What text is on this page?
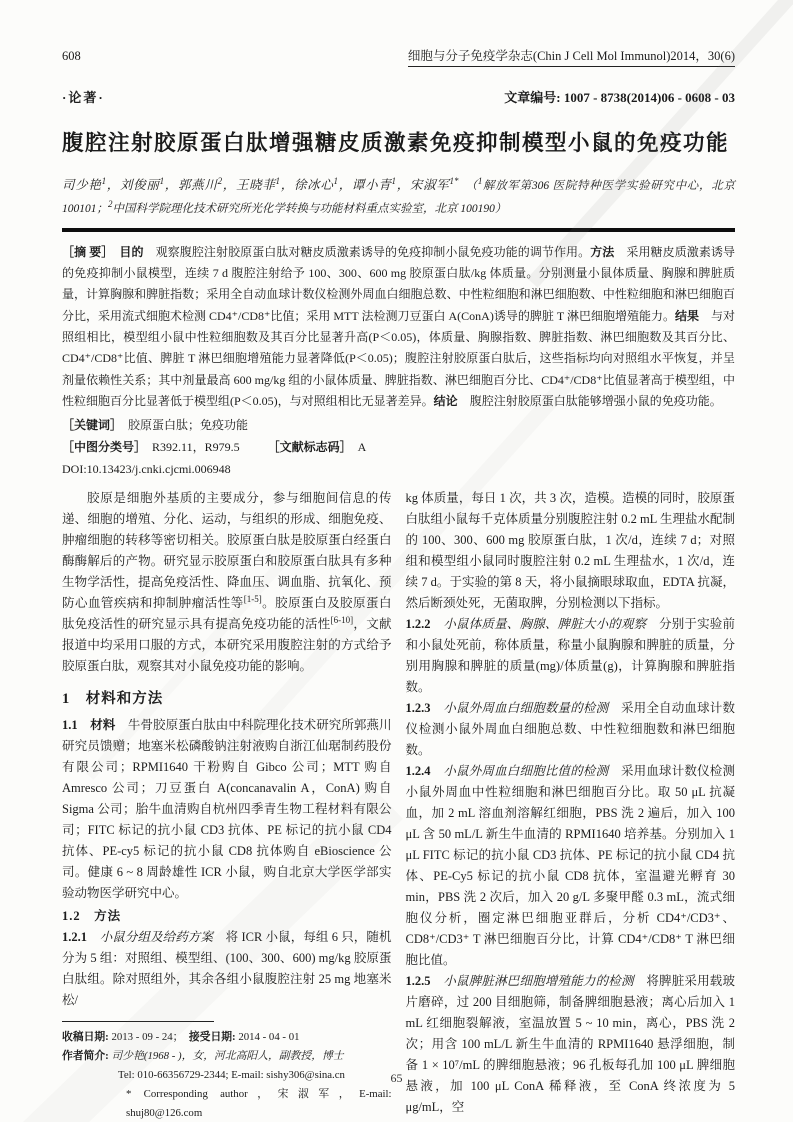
608	细胞与分子免疫学杂志(Chin J Cell Mol Immunol)2014，30(6)
·论著·	文章编号: 1007 - 8738(2014)06 - 0608 - 03
腹腔注射胶原蛋白肽增强糖皮质激素免疫抑制模型小鼠的免疫功能

司少艳$^1$，刘俊丽$^1$，郭燕川$^2$，王晓菲$^1$，徐冰心$^1$，谭小青$^1$，宋淑军$^{1*}$　（$^1$解放军第306 医院特种医学实验研究中心，北京 100101；$^2$中国科学院理化技术研究所光化学转换与功能材料重点实验室，北京 100190）

［摘 要］　目的　观察腹腔注射胶原蛋白肽对糖皮质激素诱导的免疫抑制小鼠免疫功能的调节作用。方法　采用糖皮质激素诱导的免疫抑制小鼠模型，连续 7 d 腹腔注射给予 100、300、600 mg 胶原蛋白肽/kg 体质量。分别测量小鼠体质量、胸腺和脾脏质量，计算胸腺和脾脏指数；采用全自动血球计数仪检测外周血白细胞总数、中性粒细胞和淋巴细胞数、中性粒细胞和淋巴细胞百分比，采用流式细胞术检测 CD4⁺/CD8⁺比值；采用 MTT 法检测刀豆蛋白 A(ConA)诱导的脾脏 T 淋巴细胞增殖能力。结果　与对照组相比，模型组小鼠中性粒细胞数及其百分比显著升高(P＜0.05)，体质量、胸腺指数、脾脏指数、淋巴细胞数及其百分比、CD4⁺/CD8⁺比值、脾脏 T 淋巴细胞增殖能力显著降低(P＜0.05)；腹腔注射胶原蛋白肽后，这些指标均向对照组水平恢复，并呈剂量依赖性关系；其中剂量最高 600 mg/kg 组的小鼠体质量、脾脏指数、淋巴细胞百分比、CD4⁺/CD8⁺比值显著高于模型组，中性粒细胞百分比显著低于模型组(P＜0.05)，与对照组相比无显著差异。结论　腹腔注射胶原蛋白肽能够增强小鼠的免疫功能。

［关键词］　胶原蛋白肽；免疫功能

［中图分类号］　R392.11，R979.5 ［文献标志码］　A

DOI:10.13423/j.cnki.cjcmi.006948

胶原是细胞外基质的主要成分，参与细胞间信息的传递、细胞的增殖、分化、运动，与组织的形成、细胞免疫、肿瘤细胞的转移等密切相关。胶原蛋白肽是胶原蛋白经蛋白酶酶解后的产物。研究显示胶原蛋白和胶原蛋白肽具有多种生物学活性，提高免疫活性、降血压、调血脂、抗氧化、预防心血管疾病和抑制肿瘤活性等[1-5]。胶原蛋白及胶原蛋白肽免疫活性的研究显示具有提高免疫功能的活性[6-10]，文献报道中均采用口服的方式，本研究采用腹腔注射的方式给予胶原蛋白肽，观察其对小鼠免疫功能的影响。

1　材料和方法

1.1　材料　牛骨胶原蛋白肽由中科院理化技术研究所郭燕川研究员馈赠；地塞米松磷酸钠注射液购自浙江仙琚制药股份有限公司；RPMI1640 干粉购自 Gibco 公司；MTT 购自 Amresco 公司；刀豆蛋白 A(concanavalin A，ConA) 购自 Sigma 公司；胎牛血清购自杭州四季青生物工程材料有限公司；FITC 标记的抗小鼠 CD3 抗体、PE 标记的抗小鼠 CD4 抗体、PE-cy5 标记的抗小鼠 CD8 抗体购自 eBioscience 公司。健康 6 ~ 8 周龄雄性 ICR 小鼠，购自北京大学医学部实验动物医学研究中心。

1.2　方法

1.2.1　小鼠分组及给药方案　将 ICR 小鼠，每组 6 只，随机分为 5 组：对照组、模型组、(100、300、600) mg/kg 胶原蛋白肽组。除对照组外，其余各组小鼠腹腔注射 25 mg 地塞米松/

收稿日期: 2013 - 09 - 24；　接受日期: 2014 - 04 - 01

作者简介: 司少艳(1968 - )，女，河北高阳人，副教授，博士

Tel: 010-66356729-2344; E-mail: sishy306@sina.cn

* Corresponding author，宋淑军，E-mail: shuj80@126.com

kg 体质量，每日 1 次，共 3 次，造模。造模的同时，胶原蛋白肽组小鼠每千克体质量分别腹腔注射 0.2 mL 生理盐水配制的 100、300、600 mg 胶原蛋白肽，1 次/d，连续 7 d；对照组和模型组小鼠同时腹腔注射 0.2 mL 生理盐水，1 次/d，连续 7 d。于实验的第 8 天，将小鼠摘眼球取血，EDTA 抗凝，然后断颈处死，无菌取脾，分别检测以下指标。

1.2.2　小鼠体质量、胸腺、脾脏大小的观察　分别于实验前和小鼠处死前，称体质量，称量小鼠胸腺和脾脏的质量，分别用胸腺和脾脏的质量(mg)/体质量(g)，计算胸腺和脾脏指数。

1.2.3　小鼠外周血白细胞数量的检测　采用全自动血球计数仪检测小鼠外周血白细胞总数、中性粒细胞数和淋巴细胞数。

1.2.4　小鼠外周血白细胞比值的检测　采用血球计数仪检测小鼠外周血中性粒细胞和淋巴细胞百分比。取 50 μL 抗凝血，加 2 mL 溶血剂溶解红细胞，PBS 洗 2 遍后，加入 100 μL 含 50 mL/L 新生牛血清的 RPMI1640 培养基。分别加入 1 μL FITC 标记的抗小鼠 CD3 抗体、PE 标记的抗小鼠 CD4 抗体、PE-Cy5 标记的抗小鼠 CD8 抗体，室温避光孵育 30 min，PBS 洗 2 次后，加入 20 g/L 多聚甲醛 0.3 mL，流式细胞仪分析，圈定淋巴细胞亚群后，分析 CD4⁺/CD3⁺、CD8⁺/CD3⁺ T 淋巴细胞百分比，计算 CD4⁺/CD8⁺ T 淋巴细胞比值。

1.2.5　小鼠脾脏淋巴细胞增殖能力的检测　将脾脏采用载玻片磨碎，过 200 目细胞筛，制备脾细胞悬液；离心后加入 1 mL 红细胞裂解液，室温放置 5 ~ 10 min，离心，PBS 洗 2 次；用含 100 mL/L 新生牛血清的 RPMI1640 悬浮细胞，制备 1 × 10⁷/mL 的脾细胞悬液；96 孔板每孔加 100 μL 脾细胞悬液，加 100 μL ConA 稀释液，至 ConA 终浓度为 5 μg/mL，空

65
